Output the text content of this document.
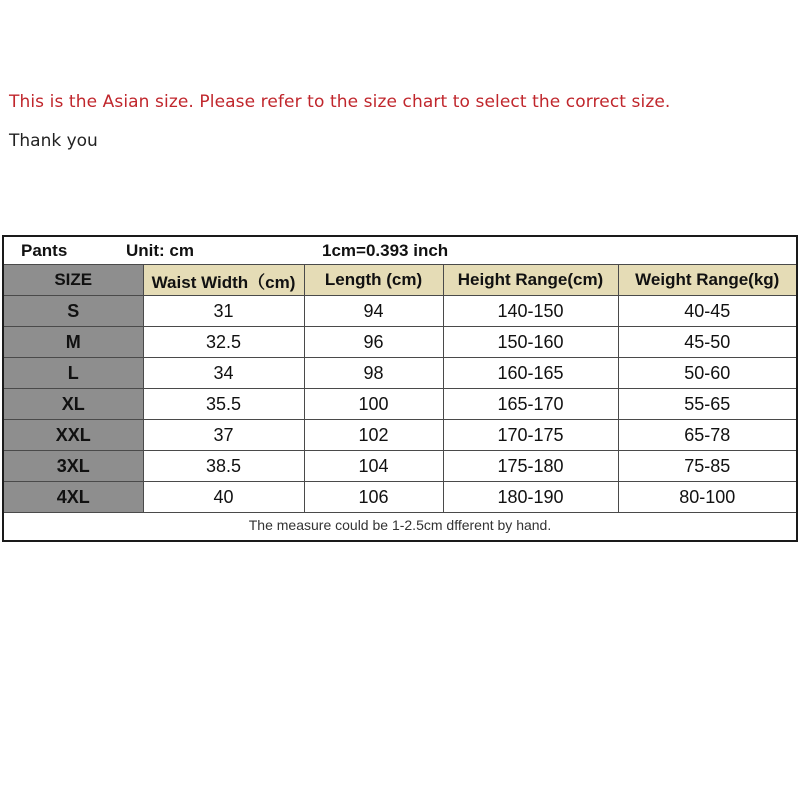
This is the Asian size. Please refer to the size chart to select the correct size.
Thank you
Pants	Unit: cm	1cm=0.393 inch
SIZE	Waist Width（cm)	Length (cm)	Height Range(cm)	Weight Range(kg)
S	31	94	140-150	40-45
M	32.5	96	150-160	45-50
L	34	98	160-165	50-60
XL	35.5	100	165-170	55-65
XXL	37	102	170-175	65-78
3XL	38.5	104	175-180	75-85
4XL	40	106	180-190	80-100
The measure could be 1-2.5cm dfferent by hand.
